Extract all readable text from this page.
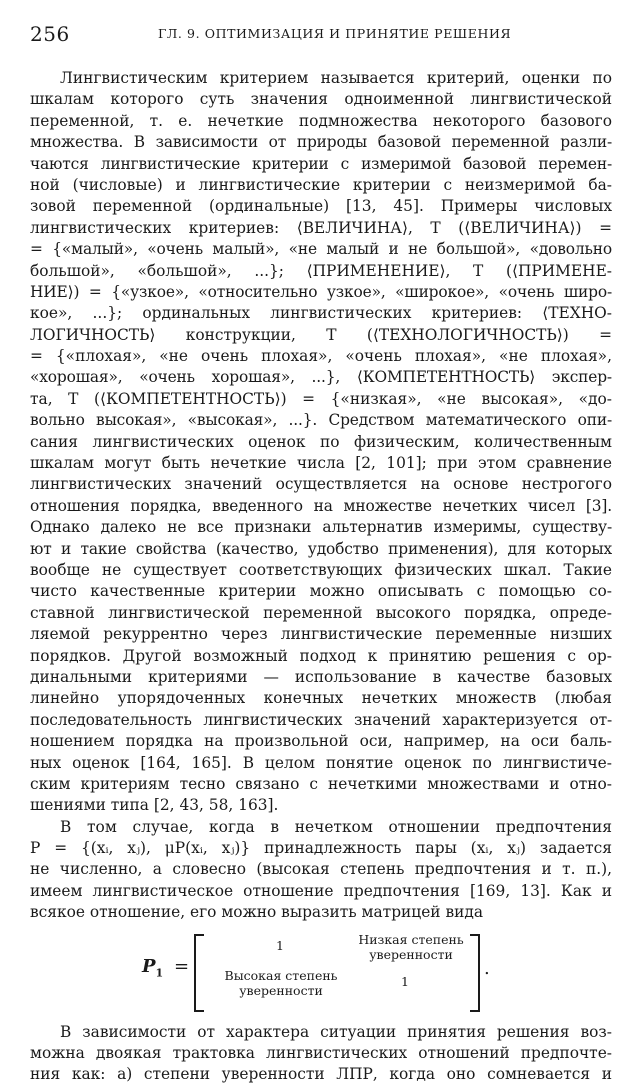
256	ГЛ. 9. ОПТИМИЗАЦИЯ И ПРИНЯТИЕ РЕШЕНИЯ
Лингвистическим критерием называется критерий, оценки по
шкалам которого суть значения одноименной лингвистической
переменной, т. е. нечеткие подмножества некоторого базового
множества. В зависимости от природы базовой переменной разли-
чаются лингвистические критерии с измеримой базовой перемен-
ной (числовые) и лингвистические критерии с неизмеримой ба-
зовой переменной (ординальные) [13, 45]. Примеры числовых
лингвистических критериев: ⟨ВЕЛИЧИНА⟩, T (⟨ВЕЛИЧИНА⟩) =
= {«малый», «очень малый», «не малый и не большой», «довольно
большой», «большой», ...}; ⟨ПРИМЕНЕНИЕ⟩, T (⟨ПРИМЕНЕ-
НИЕ⟩) = {«узкое», «относительно узкое», «широкое», «очень широ-
кое», ...}; ординальных лингвистических критериев: ⟨ТЕХНО-
ЛОГИЧНОСТЬ⟩ конструкции, T (⟨ТЕХНОЛОГИЧНОСТЬ⟩) =
= {«плохая», «не очень плохая», «очень плохая», «не плохая»,
«хорошая», «очень хорошая», ...}, ⟨КОМПЕТЕНТНОСТЬ⟩ экспер-
та, T (⟨КОМПЕТЕНТНОСТЬ⟩) = {«низкая», «не высокая», «до-
вольно высокая», «высокая», ...}. Средством математического опи-
сания лингвистических оценок по физическим, количественным
шкалам могут быть нечеткие числа [2, 101]; при этом сравнение
лингвистических значений осуществляется на основе нестрогого
отношения порядка, введенного на множестве нечетких чисел [3].
Однако далеко не все признаки альтернатив измеримы, существу-
ют и такие свойства (качество, удобство применения), для которых
вообще не существует соответствующих физических шкал. Такие
чисто качественные критерии можно описывать с помощью со-
ставной лингвистической переменной высокого порядка, опреде-
ляемой рекуррентно через лингвистические переменные низших
порядков. Другой возможный подход к принятию решения с ор-
динальными критериями — использование в качестве базовых
линейно упорядоченных конечных нечетких множеств (любая
последовательность лингвистических значений характеризуется от-
ношением порядка на произвольной оси, например, на оси баль-
ных оценок [164, 165]. В целом понятие оценок по лингвистиче-
ским критериям тесно связано с нечеткими множествами и отно-
шениями типа [2, 43, 58, 163].
В том случае, когда в нечетком отношении предпочтения
P = {(xᵢ, xⱼ), μP(xᵢ, xⱼ)} принадлежность пары (xᵢ, xⱼ) задается
не численно, а словесно (высокая степень предпочтения и т. п.),
имеем лингвистическое отношение предпочтения [169, 13]. Как и
всякое отношение, его можно выразить матрицей вида
$P_1$ =
1	Низкая степень уверенности
Высокая степень уверенности
1
.
В зависимости от характера ситуации принятия решения воз-
можна двоякая трактовка лингвистических отношений предпочте-
ния как: а) степени уверенности ЛПР, когда оно сомневается и
